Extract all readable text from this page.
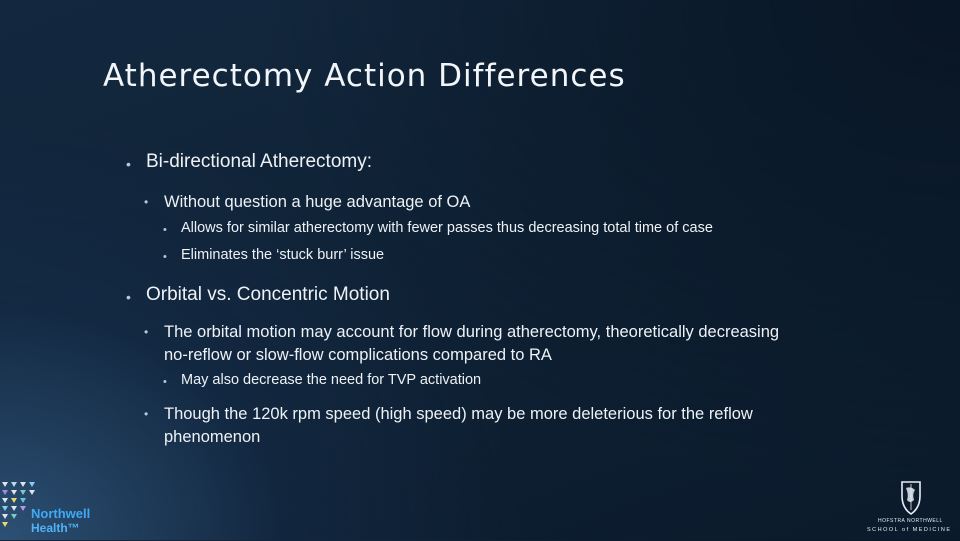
Atherectomy Action Differences
• Bi-directional Atherectomy:
• Without question a huge advantage of OA
• Allows for similar atherectomy with fewer passes thus decreasing total time of case
• Eliminates the ‘stuck burr’ issue
• Orbital vs. Concentric Motion
• The orbital motion may account for flow during atherectomy, theoretically decreasing no-reflow or slow-flow complications compared to RA
• May also decrease the need for TVP activation
• Though the 120k rpm speed (high speed) may be more deleterious for the reflow phenomenon
Northwell
Health™	HOFSTRA NORTHWELL
SCHOOL of MEDICINE
